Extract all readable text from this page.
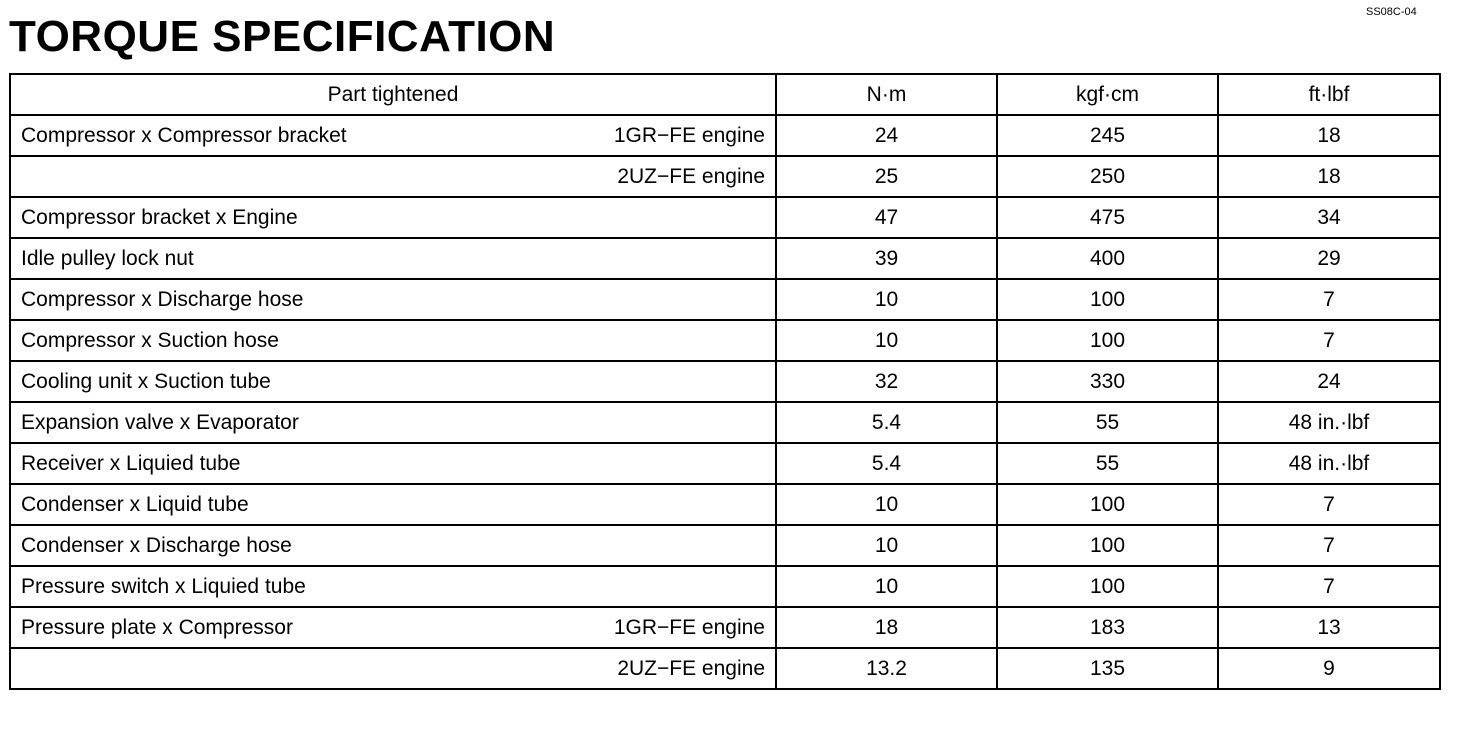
SS08C-04
TORQUE SPECIFICATION
Part tightened	N·m	kgf·cm	ft·lbf

Compressor x Compressor bracket 1GR−FE engine	24	245	18

2UZ−FE engine	25	250	18

Compressor bracket x Engine	47	475	34

Idle pulley lock nut	39	400	29

Compressor x Discharge hose	10	100	7

Compressor x Suction hose	10	100	7

Cooling unit x Suction tube	32	330	24

Expansion valve x Evaporator	5.4	55	48 in.·lbf

Receiver x Liquied tube	5.4	55	48 in.·lbf

Condenser x Liquid tube	10	100	7

Condenser x Discharge hose	10	100	7

Pressure switch x Liquied tube	10	100	7

Pressure plate x Compressor 1GR−FE engine	18	183	13

2UZ−FE engine	13.2	135	9
